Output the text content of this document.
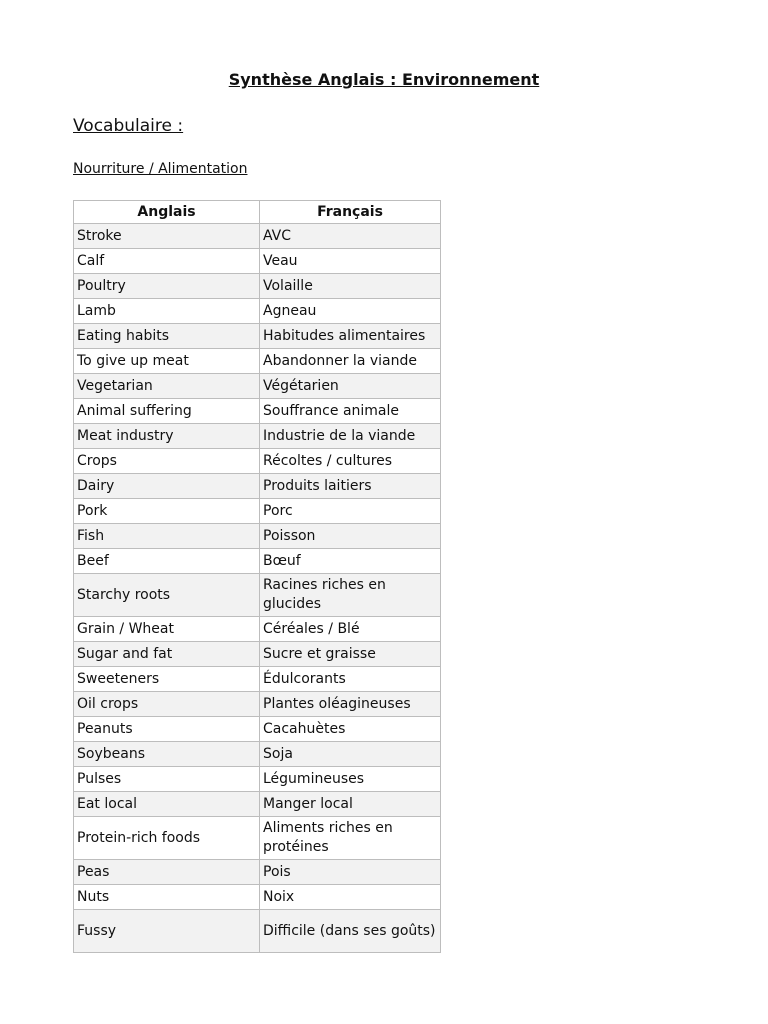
Synthèse Anglais : Environnement
Vocabulaire :
Nourriture / Alimentation
Anglais	Français
Stroke	AVC
Calf	Veau
Poultry	Volaille
Lamb	Agneau
Eating habits	Habitudes alimentaires
To give up meat	Abandonner la viande
Vegetarian	Végétarien
Animal suffering	Souffrance animale
Meat industry	Industrie de la viande
Crops	Récoltes / cultures
Dairy	Produits laitiers
Pork	Porc
Fish	Poisson
Beef	Bœuf
Starchy roots	Racines riches en glucides
Grain / Wheat	Céréales / Blé
Sugar and fat	Sucre et graisse
Sweeteners	Édulcorants
Oil crops	Plantes oléagineuses
Peanuts	Cacahuètes
Soybeans	Soja
Pulses	Légumineuses
Eat local	Manger local
Protein-rich foods	Aliments riches en protéines
Peas	Pois
Nuts	Noix
Fussy	Difficile (dans ses goûts)
